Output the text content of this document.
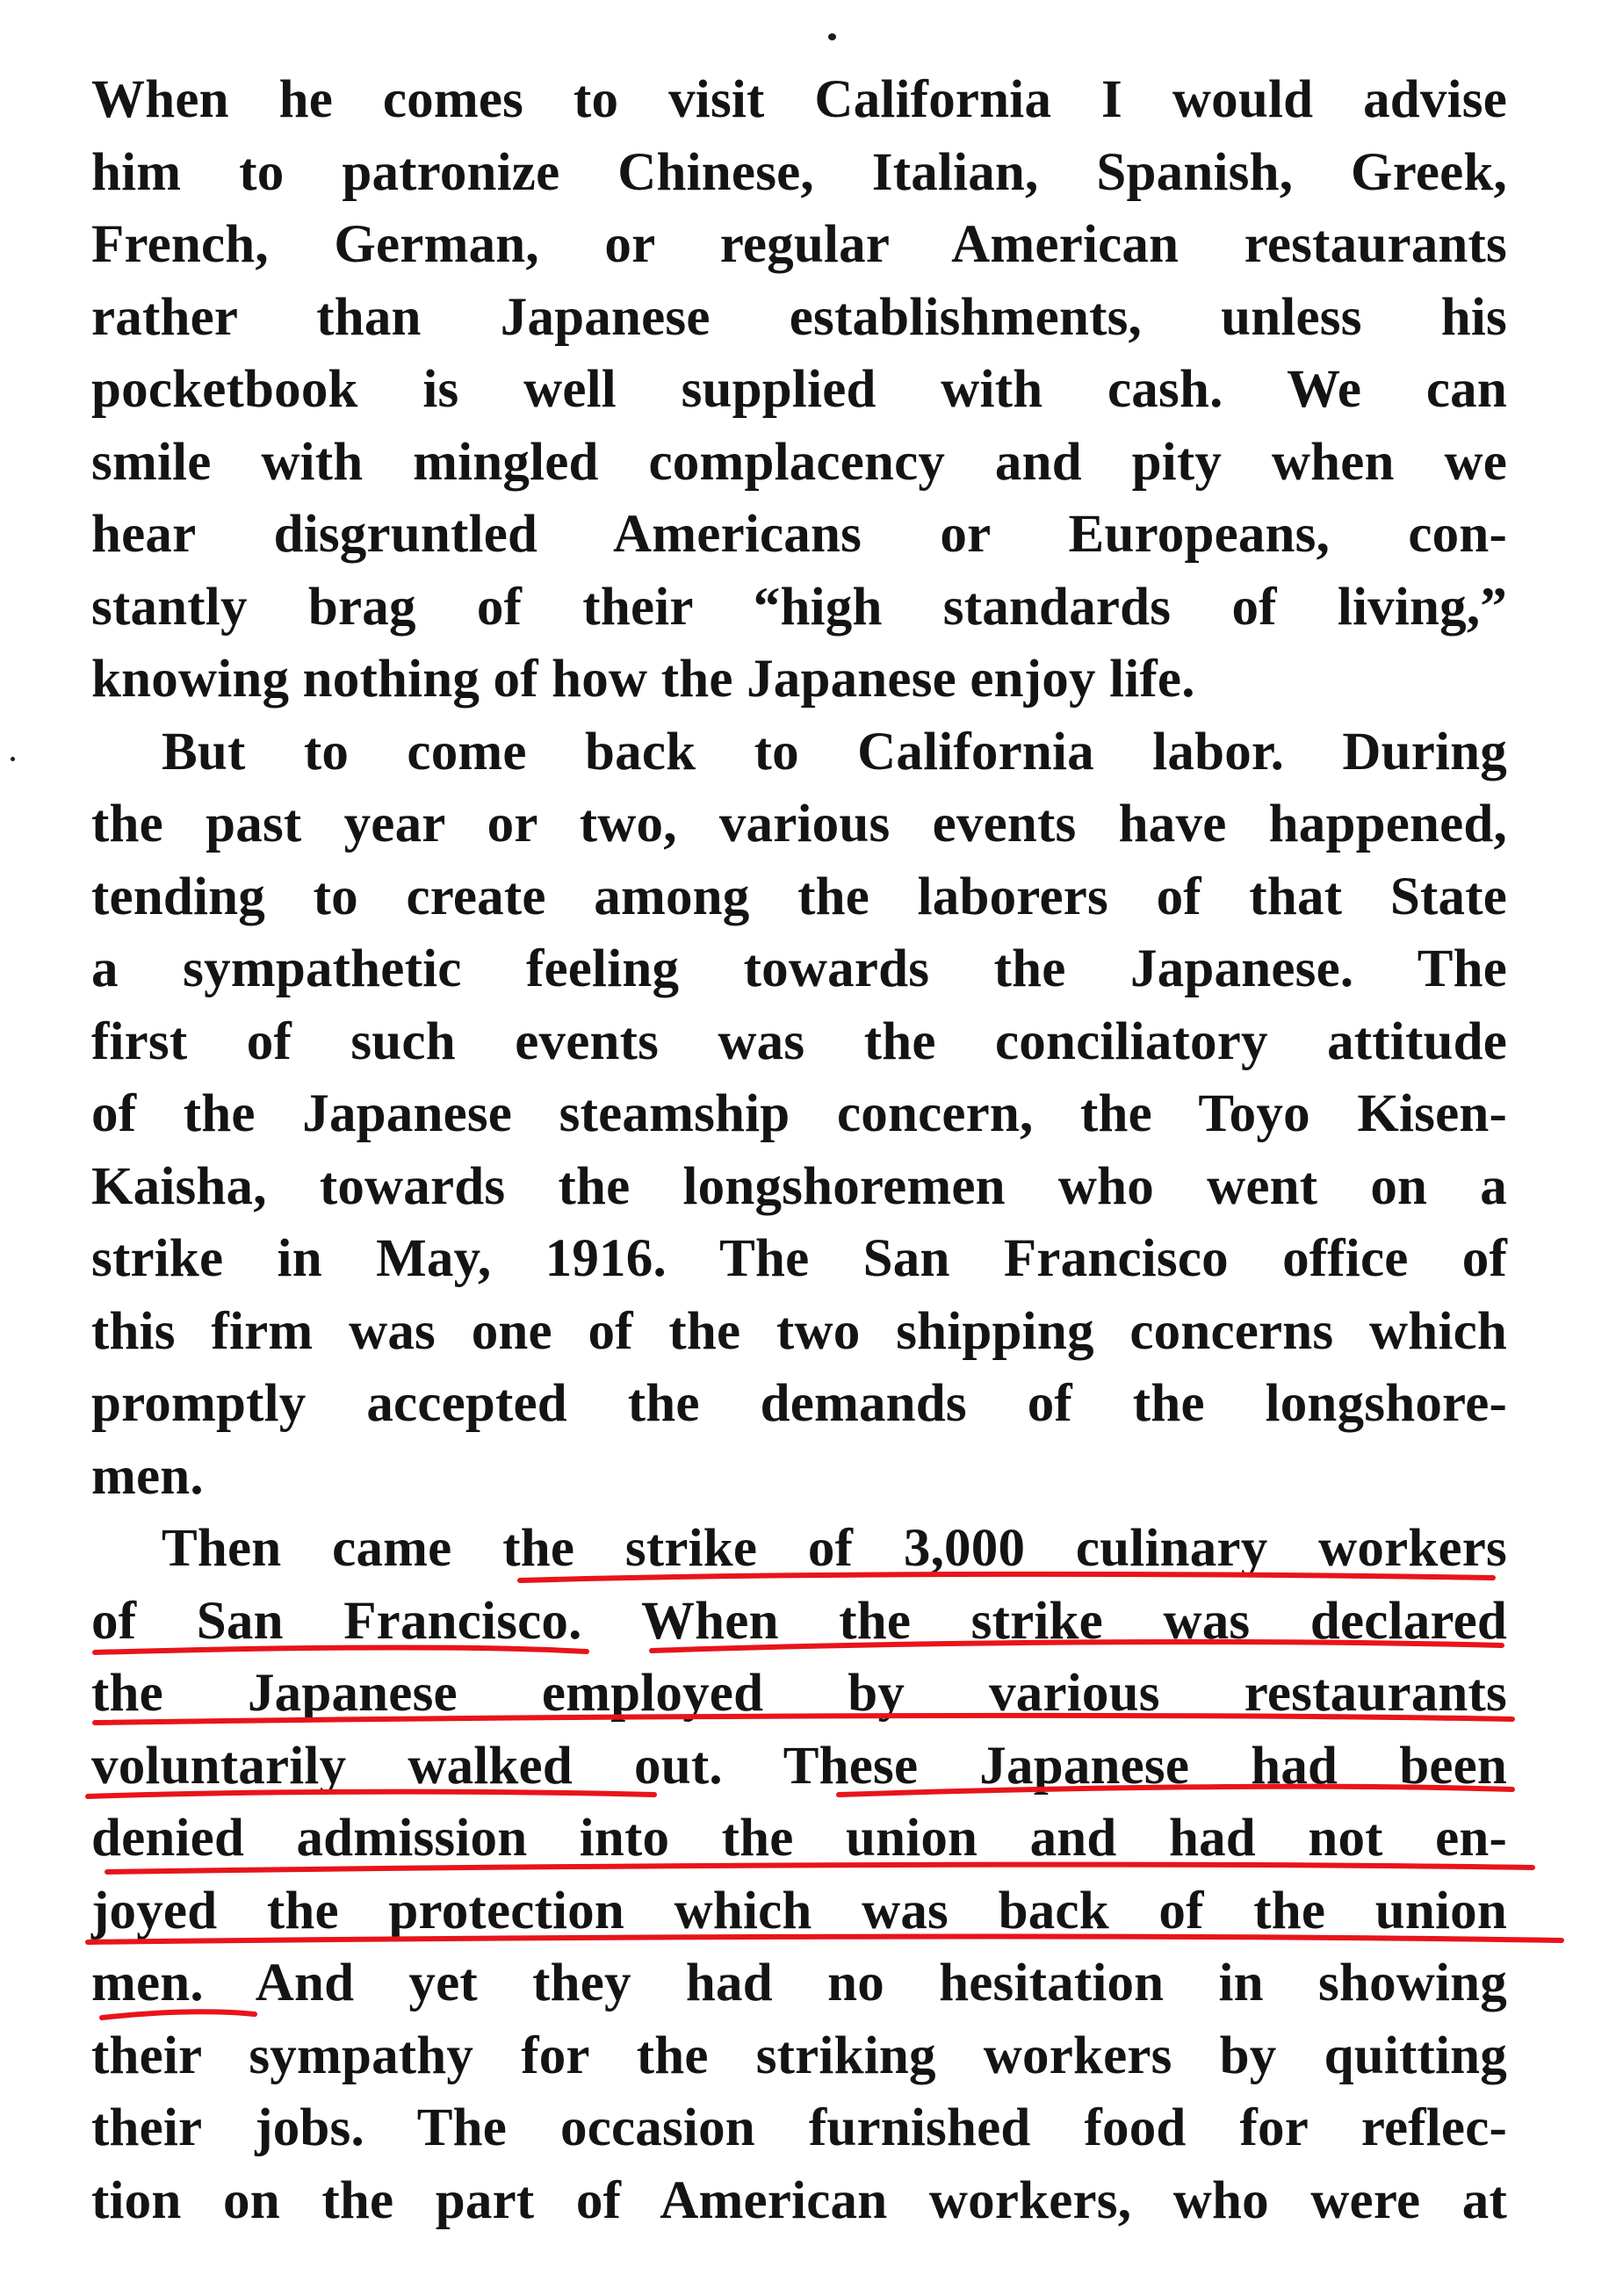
When he comes to visit California I would advise
him to patronize Chinese, Italian, Spanish, Greek,
French, German, or regular American restaurants
rather than Japanese establishments, unless his
pocketbook is well supplied with cash. We can
smile with mingled complacency and pity when we
hear disgruntled Americans or Europeans, con-
stantly brag of their “high standards of living,”
knowing nothing of how the Japanese enjoy life.
But to come back to California labor. During
the past year or two, various events have happened,
tending to create among the laborers of that State
a sympathetic feeling towards the Japanese. The
first of such events was the conciliatory attitude
of the Japanese steamship concern, the Toyo Kisen-
Kaisha, towards the longshoremen who went on a
strike in May, 1916. The San Francisco office of
this firm was one of the two shipping concerns which
promptly accepted the demands of the longshore-
men.
Then came the strike of 3,000 culinary workers
of San Francisco. When the strike was declared
the Japanese employed by various restaurants
voluntarily walked out. These Japanese had been
denied admission into the union and had not en-
joyed the protection which was back of the union
men. And yet they had no hesitation in showing
their sympathy for the striking workers by quitting
their jobs. The occasion furnished food for reflec-
tion on the part of American workers, who were at
